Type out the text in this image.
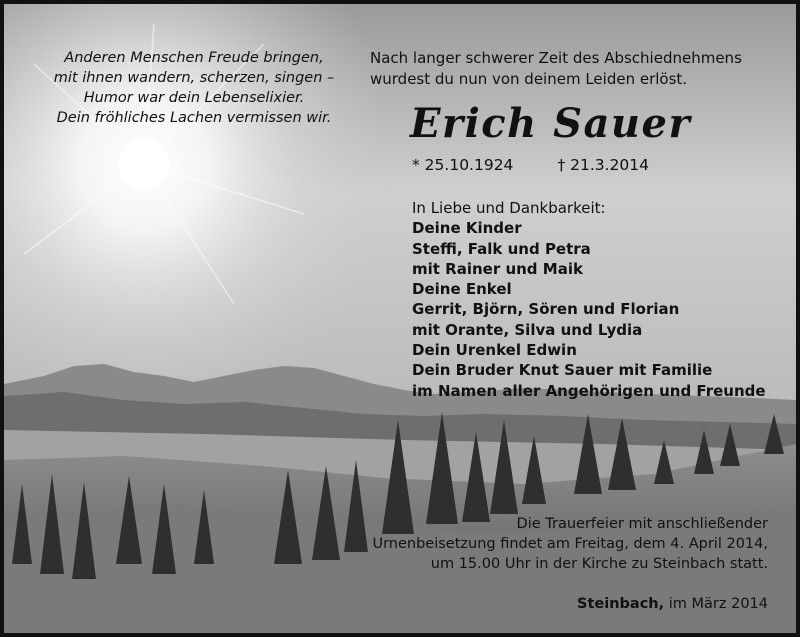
Anderen Menschen Freude bringen,
mit ihnen wandern, scherzen, singen –
Humor war dein Lebenselixier.
Dein fröhliches Lachen vermissen wir.
Nach langer schwerer Zeit des Abschiednehmens
wurdest du nun von deinem Leiden erlöst.
Erich Sauer
* 25.10.1924	† 21.3.2014
In Liebe und Dankbarkeit:
Deine Kinder
Steffi, Falk und Petra
mit Rainer und Maik
Deine Enkel
Gerrit, Björn, Sören und Florian
mit Orante, Silva und Lydia
Dein Urenkel Edwin
Dein Bruder Knut Sauer mit Familie
im Namen aller Angehörigen und Freunde
Die Trauerfeier mit anschließender
Urnenbeisetzung findet am Freitag, dem 4. April 2014,
um 15.00 Uhr in der Kirche zu Steinbach statt.
Steinbach, im März 2014
